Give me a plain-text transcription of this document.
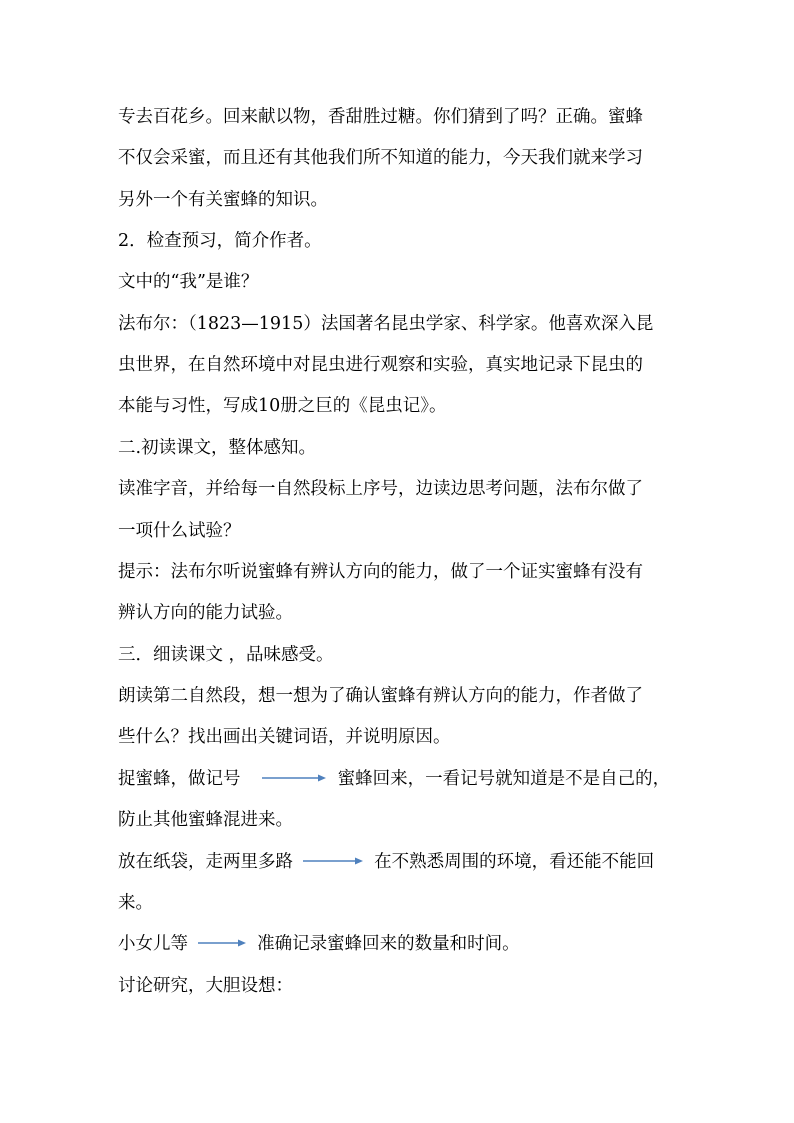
专去百花乡。回来献以物，香甜胜过糖。你们猜到了吗？正确。蜜蜂
不仅会采蜜，而且还有其他我们所不知道的能力，今天我们就来学习
另外一个有关蜜蜂的知识。
2．检查预习，简介作者。
文中的“我”是谁？
法布尔：（1823—1915）法国著名昆虫学家、科学家。他喜欢深入昆
虫世界，在自然环境中对昆虫进行观察和实验，真实地记录下昆虫的
本能与习性，写成10册之巨的《昆虫记》。
二.初读课文，整体感知。
读准字音，并给每一自然段标上序号，边读边思考问题，法布尔做了
一项什么试验？
提示：法布尔听说蜜蜂有辨认方向的能力，做了一个证实蜜蜂有没有
辨认方向的能力试验。
三．细读课文 ，品味感受。
朗读第二自然段，想一想为了确认蜜蜂有辨认方向的能力，作者做了
些什么？找出画出关键词语，并说明原因。
捉蜜蜂，做记号	蜜蜂回来，一看记号就知道是不是自己的，
防止其他蜜蜂混进来。
放在纸袋，走两里多路	在不熟悉周围的环境，看还能不能回
来。
小女儿等	准确记录蜜蜂回来的数量和时间。
讨论研究，大胆设想：
